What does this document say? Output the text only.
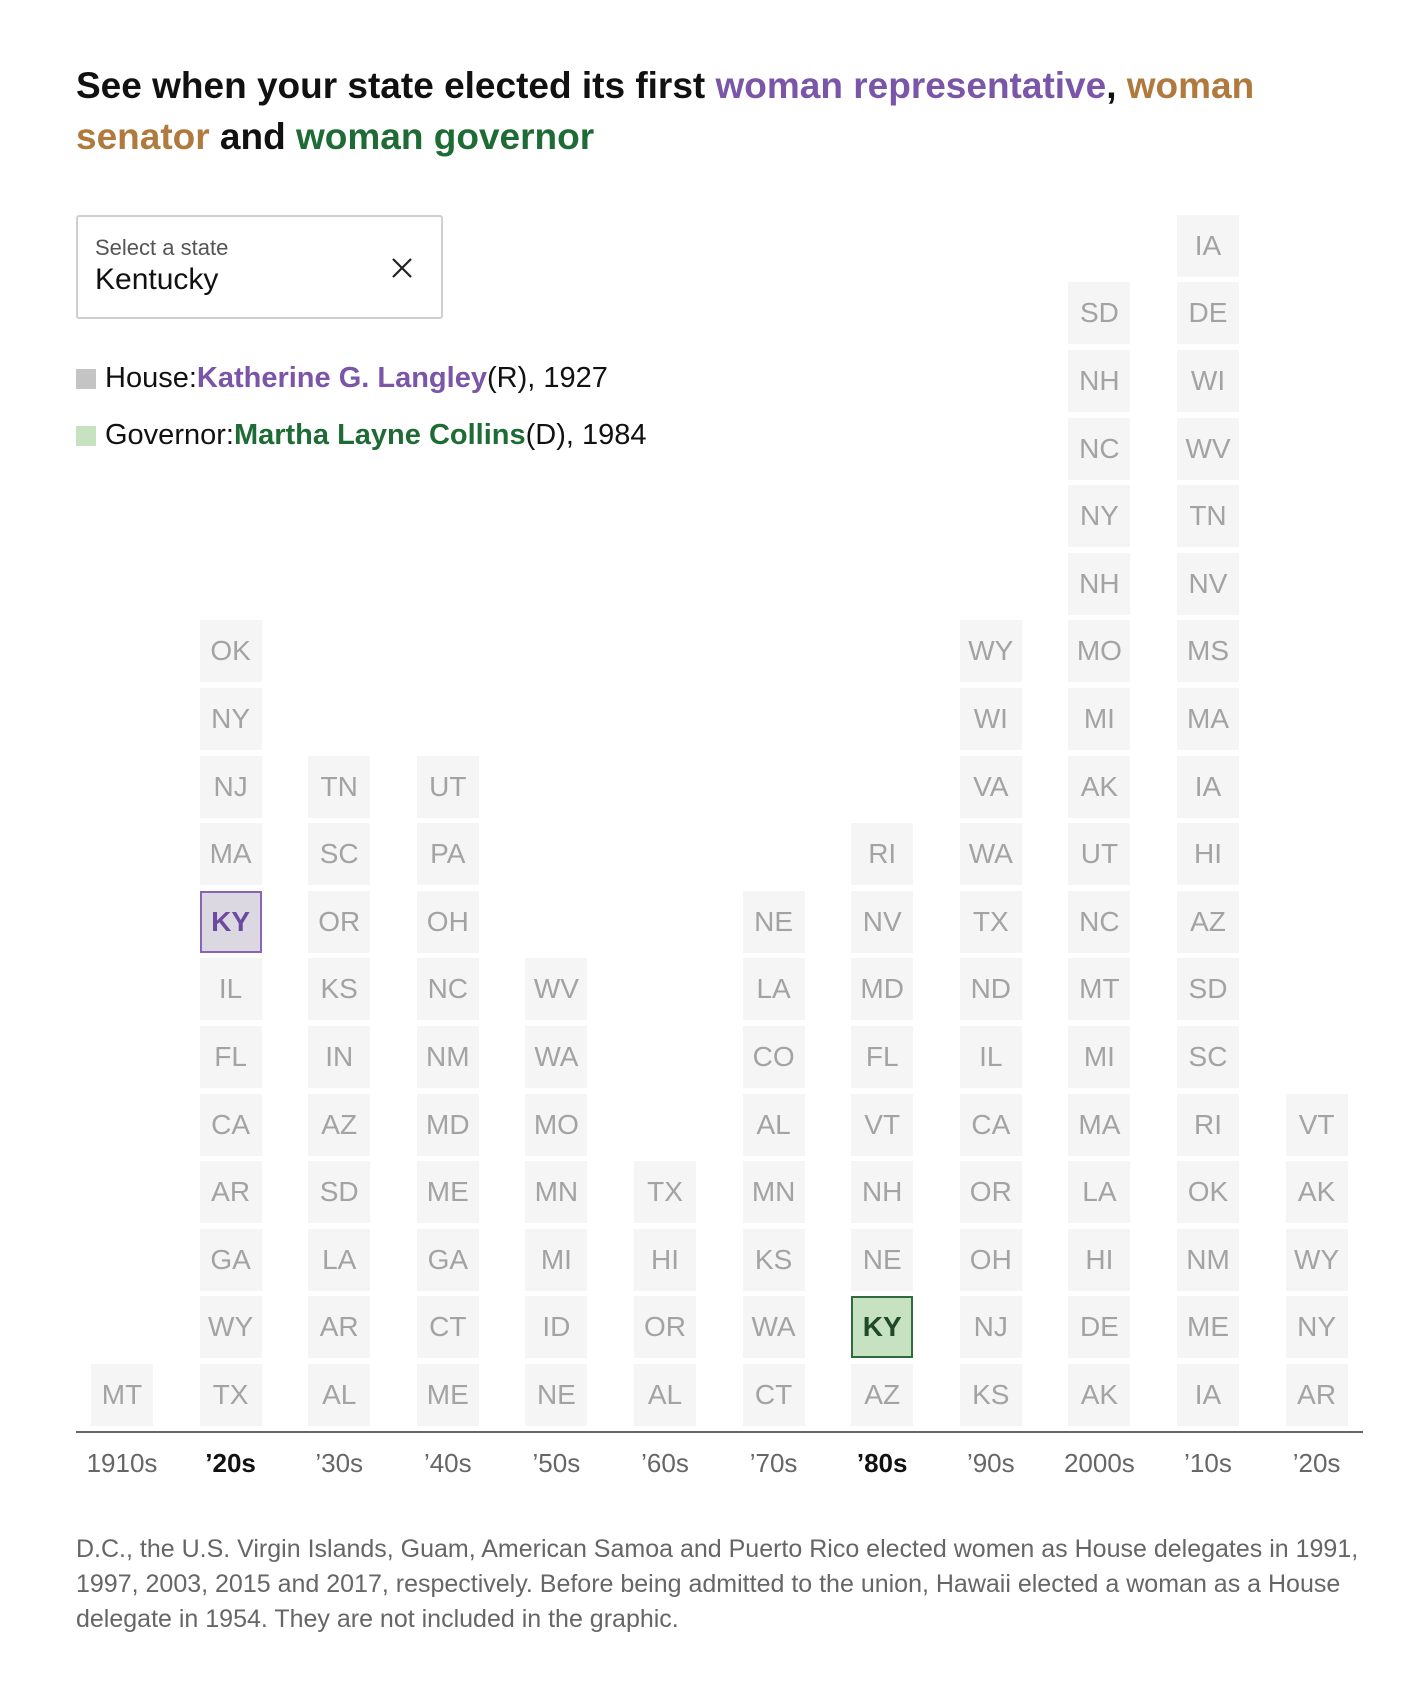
See when your state elected its first woman representative, woman senator and woman governor
Select a state
Kentucky
House: Katherine G. Langley (R), 1927
Governor: Martha Layne Collins (D), 1984
MT
1910s
TX
WY
GA
AR
CA
FL
IL
KY
MA
NJ
NY
OK
’20s
AL
AR
LA
SD
AZ
IN
KS
OR
SC
TN
’30s
ME
CT
GA
ME
MD
NM
NC
OH
PA
UT
’40s
NE
ID
MI
MN
MO
WA
WV
’50s
AL
OR
HI
TX
’60s
CT
WA
KS
MN
AL
CO
LA
NE
’70s
AZ
KY
NE
NH
VT
FL
MD
NV
RI
’80s
KS
NJ
OH
OR
CA
IL
ND
TX
WA
VA
WI
WY
’90s
AK
DE
HI
LA
MA
MI
MT
NC
UT
AK
MI
MO
NH
NY
NC
NH
SD
2000s
IA
ME
NM
OK
RI
SC
SD
AZ
HI
IA
MA
MS
NV
TN
WV
WI
DE
IA
’10s
AR
NY
WY
AK
VT
’20s
D.C., the U.S. Virgin Islands, Guam, American Samoa and Puerto Rico elected women as House delegates in 1991, 1997, 2003, 2015 and 2017, respectively. Before being admitted to the union, Hawaii elected a woman as a House delegate in 1954. They are not included in the graphic.
